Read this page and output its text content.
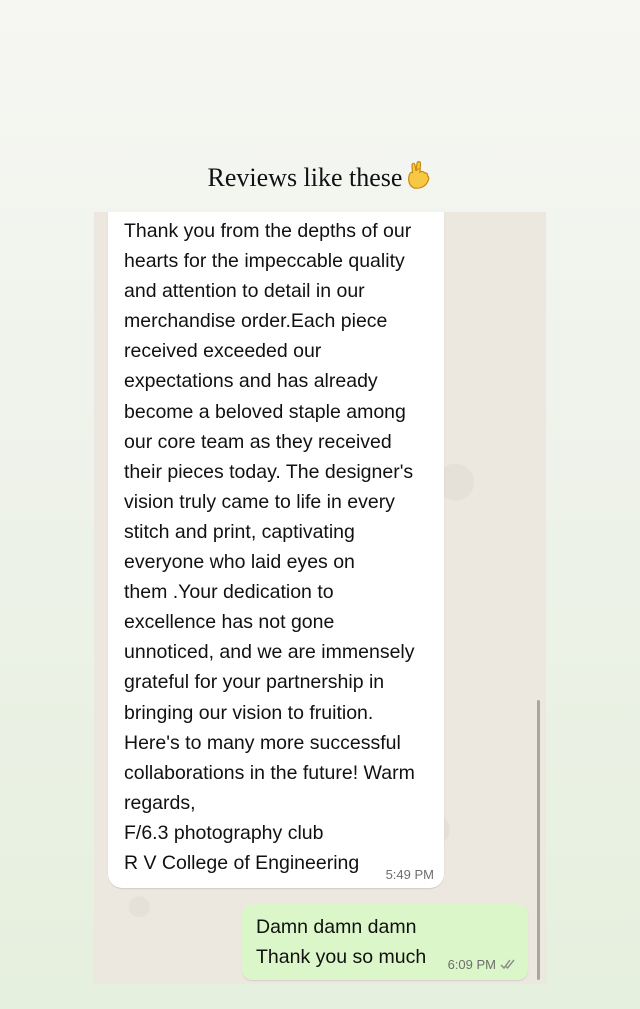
Reviews like these
Thank you from the depths of our
hearts for the impeccable quality
and attention to detail in our
merchandise order.Each piece
received exceeded our
expectations and has already
become a beloved staple among
our core team as they received
their pieces today. The designer's
vision truly came to life in every
stitch and print, captivating
everyone who laid eyes on
them .Your dedication to
excellence has not gone
unnoticed, and we are immensely
grateful for your partnership in
bringing our vision to fruition.
Here's to many more successful
collaborations in the future! Warm
regards,
F/6.3 photography club
R V College of Engineering
5:49 PM
Damn damn damn
Thank you so much	6:09 PM
